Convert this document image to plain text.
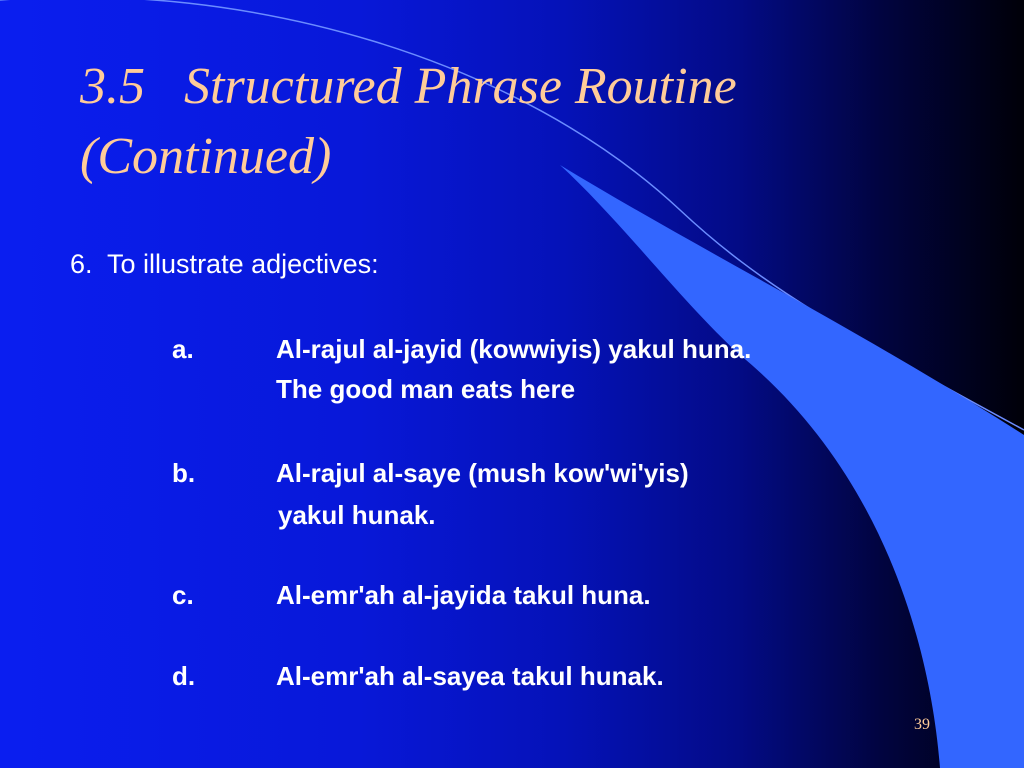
3.5   Structured Phrase Routine
(Continued)
6.  To illustrate adjectives:
a.	Al-rajul al-jayid (kowwiyis) yakul huna.
The good man eats here
b.	Al-rajul al-saye (mush kow'wi'yis)
yakul hunak.
c.	Al-emr'ah al-jayida takul huna.
d.	Al-emr'ah al-sayea takul hunak.
39
